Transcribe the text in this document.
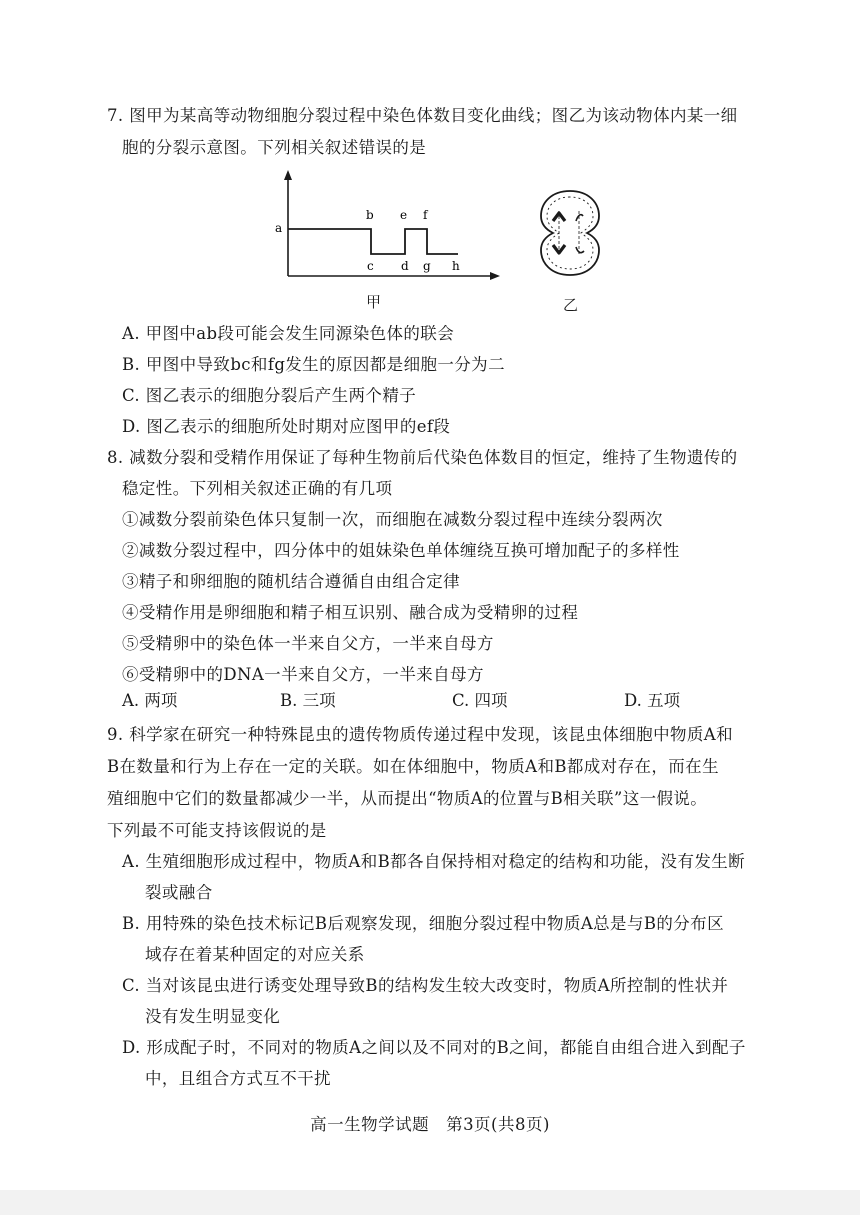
7. 图甲为某高等动物细胞分裂过程中染色体数目变化曲线；图乙为该动物体内某一细
胞的分裂示意图。下列相关叙述错误的是
a
b e f
c d g h
甲	乙
A. 甲图中ab段可能会发生同源染色体的联会
B. 甲图中导致bc和fg发生的原因都是细胞一分为二
C. 图乙表示的细胞分裂后产生两个精子
D. 图乙表示的细胞所处时期对应图甲的ef段
8. 减数分裂和受精作用保证了每种生物前后代染色体数目的恒定，维持了生物遗传的
稳定性。下列相关叙述正确的有几项
①减数分裂前染色体只复制一次，而细胞在减数分裂过程中连续分裂两次
②减数分裂过程中，四分体中的姐妹染色单体缠绕互换可增加配子的多样性
③精子和卵细胞的随机结合遵循自由组合定律
④受精作用是卵细胞和精子相互识别、融合成为受精卵的过程
⑤受精卵中的染色体一半来自父方，一半来自母方
⑥受精卵中的DNA一半来自父方，一半来自母方
A. 两项	B. 三项	C. 四项	D. 五项
9. 科学家在研究一种特殊昆虫的遗传物质传递过程中发现，该昆虫体细胞中物质A和
B在数量和行为上存在一定的关联。如在体细胞中，物质A和B都成对存在，而在生
殖细胞中它们的数量都减少一半，从而提出“物质A的位置与B相关联”这一假说。
下列最不可能支持该假说的是
A. 生殖细胞形成过程中，物质A和B都各自保持相对稳定的结构和功能，没有发生断
裂或融合
B. 用特殊的染色技术标记B后观察发现，细胞分裂过程中物质A总是与B的分布区
域存在着某种固定的对应关系
C. 当对该昆虫进行诱变处理导致B的结构发生较大改变时，物质A所控制的性状并
没有发生明显变化
D. 形成配子时，不同对的物质A之间以及不同对的B之间，都能自由组合进入到配子
中，且组合方式互不干扰
高一生物学试题　第3页(共8页)
